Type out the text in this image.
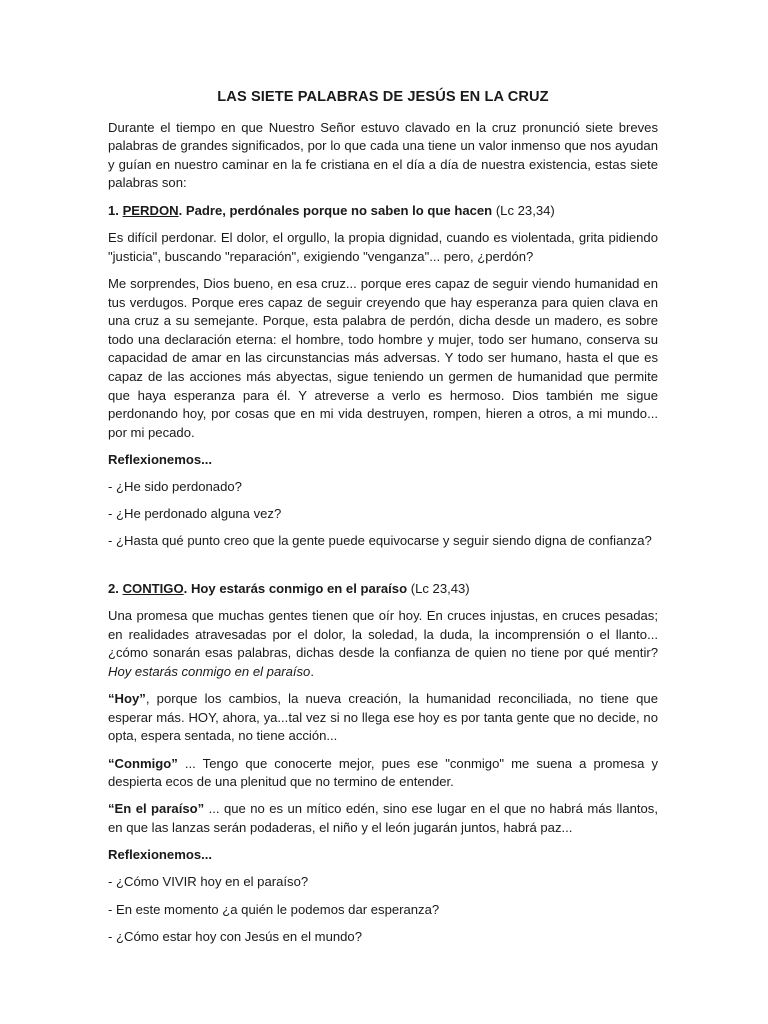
LAS SIETE PALABRAS DE JESÚS EN LA CRUZ

Durante el tiempo en que Nuestro Señor estuvo clavado en la cruz pronunció siete breves palabras de grandes significados, por lo que cada una tiene un valor inmenso que nos ayudan y guían en nuestro caminar en la fe cristiana en el día a día de nuestra existencia, estas siete palabras son:

1. PERDON. Padre, perdónales porque no saben lo que hacen (Lc 23,34)

Es difícil perdonar. El dolor, el orgullo, la propia dignidad, cuando es violentada, grita pidiendo "justicia", buscando "reparación", exigiendo "venganza"... pero, ¿perdón?

Me sorprendes, Dios bueno, en esa cruz... porque eres capaz de seguir viendo humanidad en tus verdugos. Porque eres capaz de seguir creyendo que hay esperanza para quien clava en una cruz a su semejante. Porque, esta palabra de perdón, dicha desde un madero, es sobre todo una declaración eterna: el hombre, todo hombre y mujer, todo ser humano, conserva su capacidad de amar en las circunstancias más adversas. Y todo ser humano, hasta el que es capaz de las acciones más abyectas, sigue teniendo un germen de humanidad que permite que haya esperanza para él. Y atreverse a verlo es hermoso. Dios también me sigue perdonando hoy, por cosas que en mi vida destruyen, rompen, hieren a otros, a mi mundo... por mi pecado.

Reflexionemos...

- ¿He sido perdonado?

- ¿He perdonado alguna vez?

- ¿Hasta qué punto creo que la gente puede equivocarse y seguir siendo digna de confianza?

2. CONTIGO. Hoy estarás conmigo en el paraíso (Lc 23,43)

Una promesa que muchas gentes tienen que oír hoy. En cruces injustas, en cruces pesadas; en realidades atravesadas por el dolor, la soledad, la duda, la incomprensión o el llanto... ¿cómo sonarán esas palabras, dichas desde la confianza de quien no tiene por qué mentir? Hoy estarás conmigo en el paraíso.

“Hoy”, porque los cambios, la nueva creación, la humanidad reconciliada, no tiene que esperar más. HOY, ahora, ya...tal vez si no llega ese hoy es por tanta gente que no decide, no opta, espera sentada, no tiene acción...

“Conmigo” ... Tengo que conocerte mejor, pues ese "conmigo" me suena a promesa y despierta ecos de una plenitud que no termino de entender.

“En el paraíso” ... que no es un mítico edén, sino ese lugar en el que no habrá más llantos, en que las lanzas serán podaderas, el niño y el león jugarán juntos, habrá paz...

Reflexionemos...

- ¿Cómo VIVIR hoy en el paraíso?

- En este momento ¿a quién le podemos dar esperanza?

- ¿Cómo estar hoy con Jesús en el mundo?
